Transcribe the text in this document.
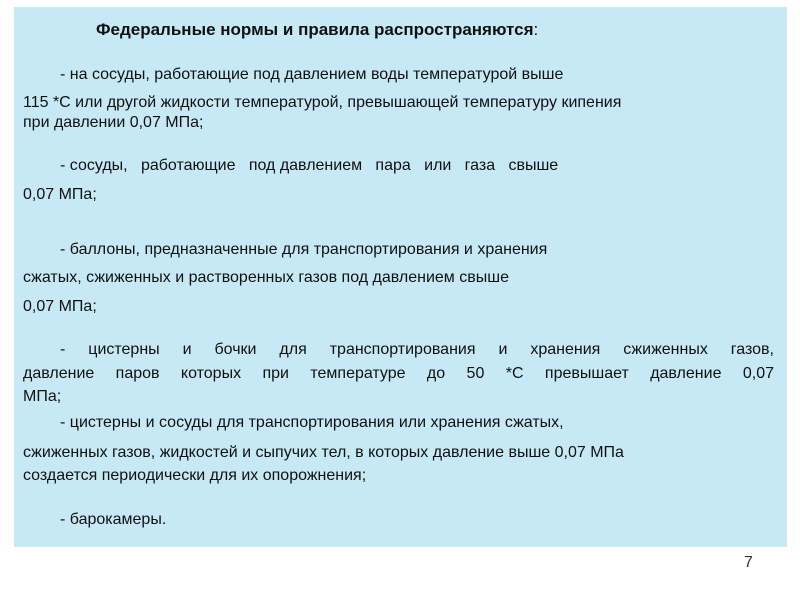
Федеральные нормы и правила распространяются:

- на сосуды, работающие под давлением воды температурой выше

115 *С или другой жидкости температурой, превышающей температуру кипения

при давлении 0,07 МПа;

- сосуды,   работающие   под давлением   пара   или   газа   свыше

0,07 МПа;

- баллоны, предназначенные для транспортирования и хранения

сжатых, сжиженных и растворенных газов под давлением свыше

0,07 МПа;

- цистерны и бочки для транспортирования и хранения сжиженных газов,

давление паров которых при температуре до 50 *С превышает давление 0,07

МПа;

- цистерны и сосуды для транспортирования или хранения сжатых,

сжиженных газов, жидкостей и сыпучих тел, в которых давление выше 0,07 МПа

создается периодически для их опорожнения;

- барокамеры.

7
